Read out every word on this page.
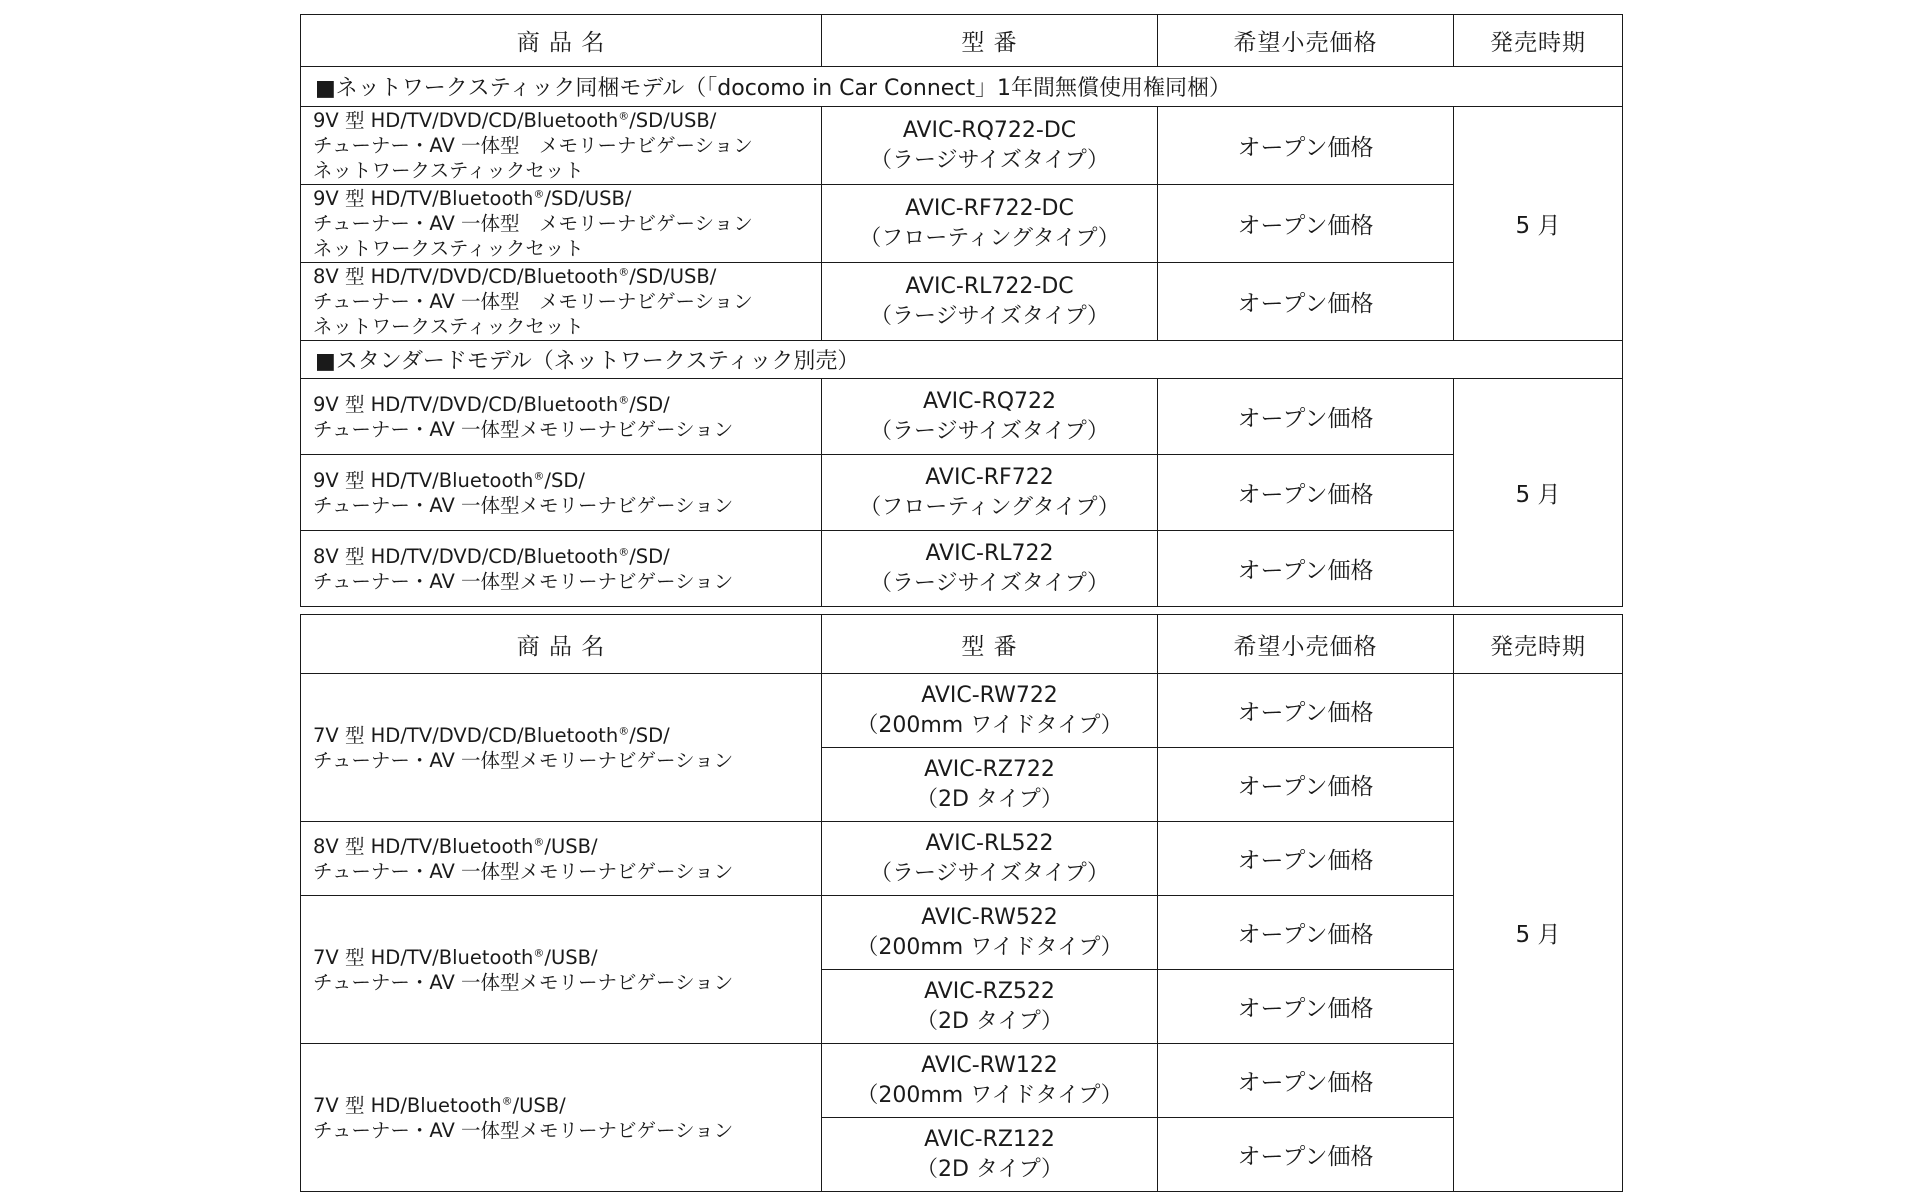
商 品 名	型 番	希望小売価格	発売時期
■ネットワークスティック同梱モデル（「docomo in Car Connect」1年間無償使用権同梱）			

9V 型 HD/TV/DVD/CD/Bluetooth®/SD/USB/
チューナー・AV 一体型　メモリーナビゲーション
ネットワークスティックセット	AVIC-RQ722-DC
（ラージサイズタイプ）	オープン価格	5 月

9V 型 HD/TV/Bluetooth®/SD/USB/
チューナー・AV 一体型　メモリーナビゲーション
ネットワークスティックセット	AVIC-RF722-DC
（フローティングタイプ）	オープン価格	

8V 型 HD/TV/DVD/CD/Bluetooth®/SD/USB/
チューナー・AV 一体型　メモリーナビゲーション
ネットワークスティックセット	AVIC-RL722-DC
（ラージサイズタイプ）	オープン価格	
■スタンダードモデル（ネットワークスティック別売）			

9V 型 HD/TV/DVD/CD/Bluetooth®/SD/
チューナー・AV 一体型メモリーナビゲーション	AVIC-RQ722
（ラージサイズタイプ）	オープン価格	5 月

9V 型 HD/TV/Bluetooth®/SD/
チューナー・AV 一体型メモリーナビゲーション	AVIC-RF722
（フローティングタイプ）	オープン価格	

8V 型 HD/TV/DVD/CD/Bluetooth®/SD/
チューナー・AV 一体型メモリーナビゲーション	AVIC-RL722
（ラージサイズタイプ）	オープン価格	
商 品 名	型 番	希望小売価格	発売時期

7V 型 HD/TV/DVD/CD/Bluetooth®/SD/
チューナー・AV 一体型メモリーナビゲーション	AVIC-RW722
（200mm ワイドタイプ）	オープン価格	5 月

	AVIC-RZ722
（2D タイプ）	オープン価格	

8V 型 HD/TV/Bluetooth®/USB/
チューナー・AV 一体型メモリーナビゲーション	AVIC-RL522
（ラージサイズタイプ）	オープン価格	

7V 型 HD/TV/Bluetooth®/USB/
チューナー・AV 一体型メモリーナビゲーション	AVIC-RW522
（200mm ワイドタイプ）	オープン価格	

	AVIC-RZ522
（2D タイプ）	オープン価格	

7V 型 HD/Bluetooth®/USB/
チューナー・AV 一体型メモリーナビゲーション	AVIC-RW122
（200mm ワイドタイプ）	オープン価格	

	AVIC-RZ122
（2D タイプ）	オープン価格	
